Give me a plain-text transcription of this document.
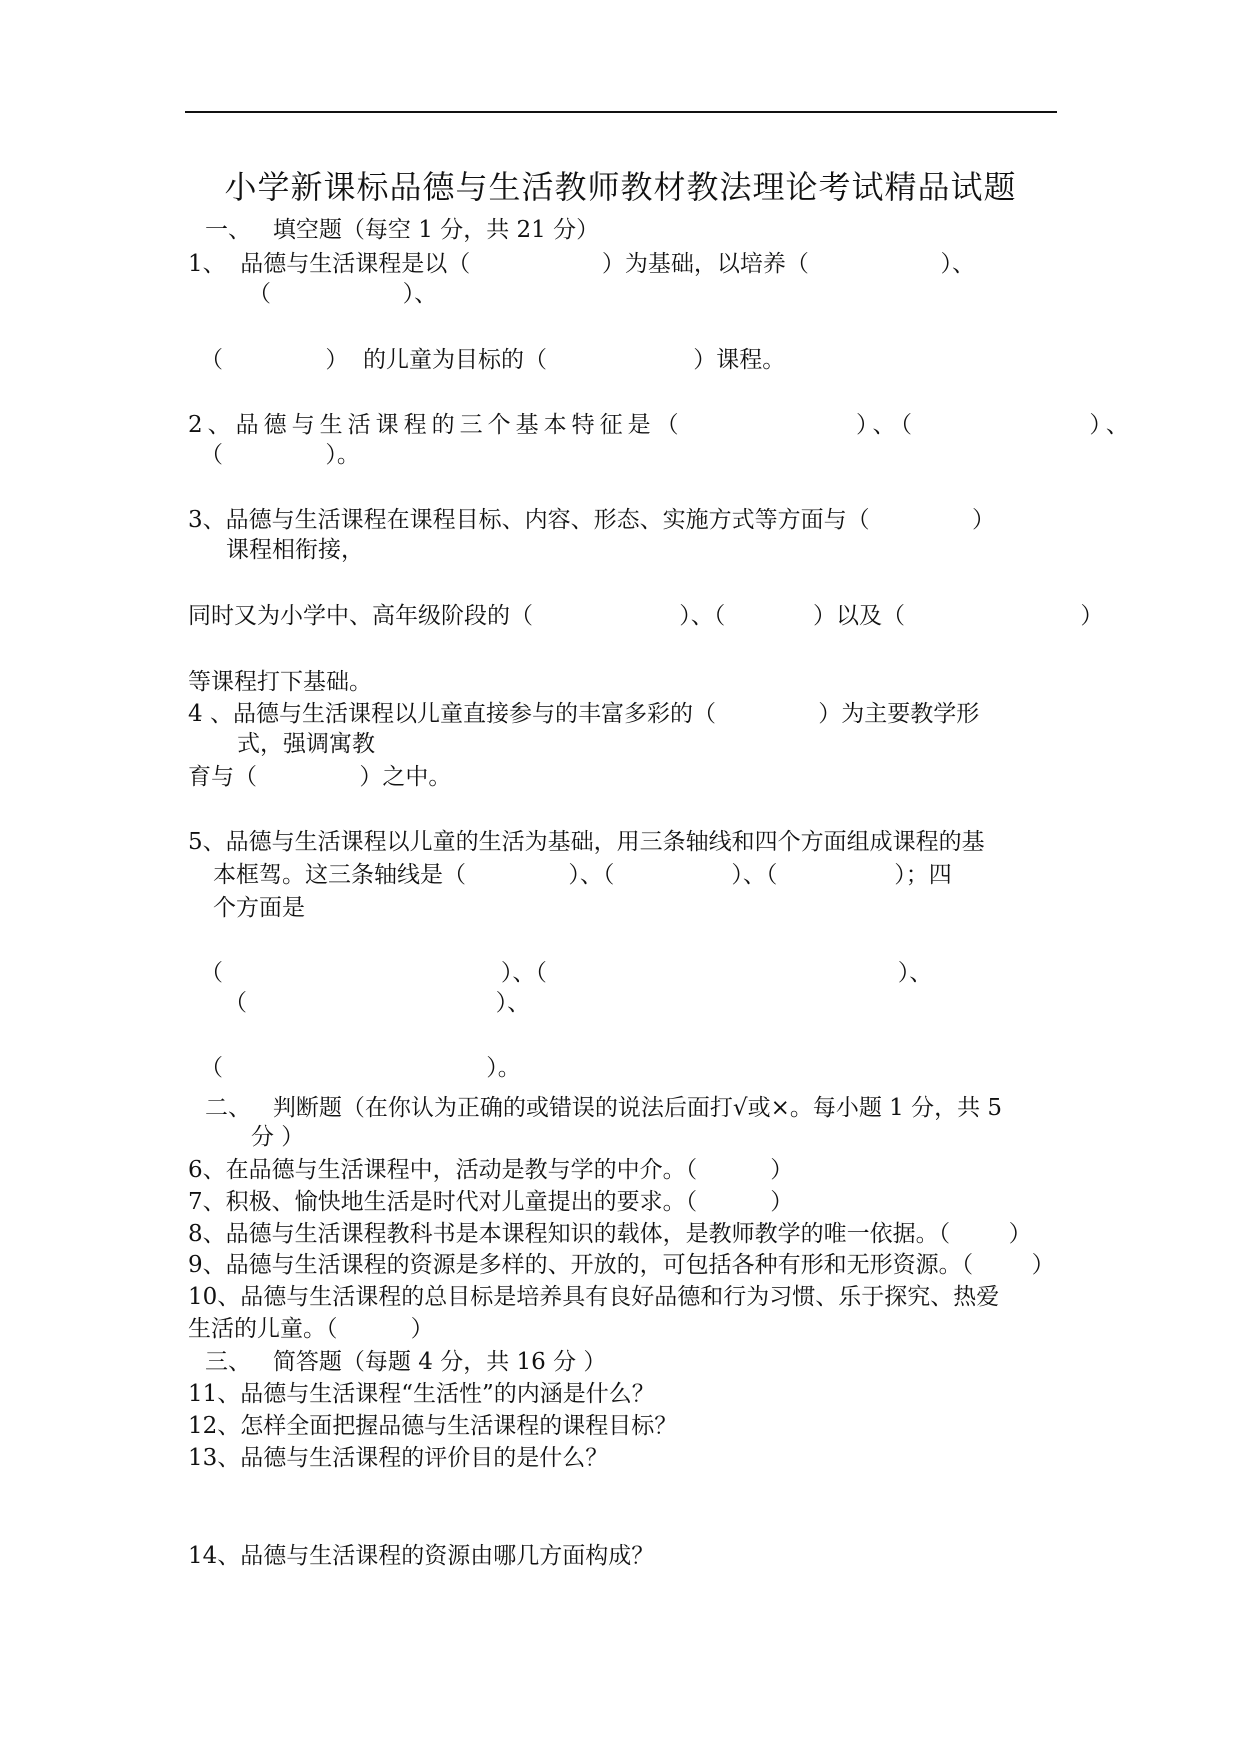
小学新课标品德与生活教师教材教法理论考试精品试题
一、   填空题（每空 1 分，共 21 分）
1、  品德与生活课程是以（                  ）为基础，以培养（                  ）、
（                  ）、
（              ）  的儿童为目标的（                    ）课程。
2、品德与生活课程的三个基本特征是（              ）、（              ）、
（              ）。
3、品德与生活课程在课程目标、内容、形态、实施方式等方面与（              ）
课程相衔接，
同时又为小学中、高年级阶段的（                    ）、（            ）以及（                        ）
等课程打下基础。
4 、品德与生活课程以儿童直接参与的丰富多彩的（              ）为主要教学形
式，强调寓教
育与（              ）之中。
5、品德与生活课程以儿童的生活为基础，用三条轴线和四个方面组成课程的基
本框驾。这三条轴线是（              ）、（                ）、（                ）；四
个方面是
（                                      ）、（                                                ）、
（                                  ）、
（                                    ）。
二、   判断题（在你认为正确的或错误的说法后面打√或×。每小题 1 分，共 5
分 ）
6、在品德与生活课程中，活动是教与学的中介。（          ）
7、积极、愉快地生活是时代对儿童提出的要求。（          ）
8、品德与生活课程教科书是本课程知识的载体，是教师教学的唯一依据。（        ）
9、品德与生活课程的资源是多样的、开放的，可包括各种有形和无形资源。（        ）
10、品德与生活课程的总目标是培养具有良好品德和行为习惯、乐于探究、热爱
生活的儿童。（          ）
三、   简答题（每题 4 分，共 16 分 ）
11、品德与生活课程“生活性”的内涵是什么？
12、怎样全面把握品德与生活课程的课程目标？
13、品德与生活课程的评价目的是什么？
14、品德与生活课程的资源由哪几方面构成？
